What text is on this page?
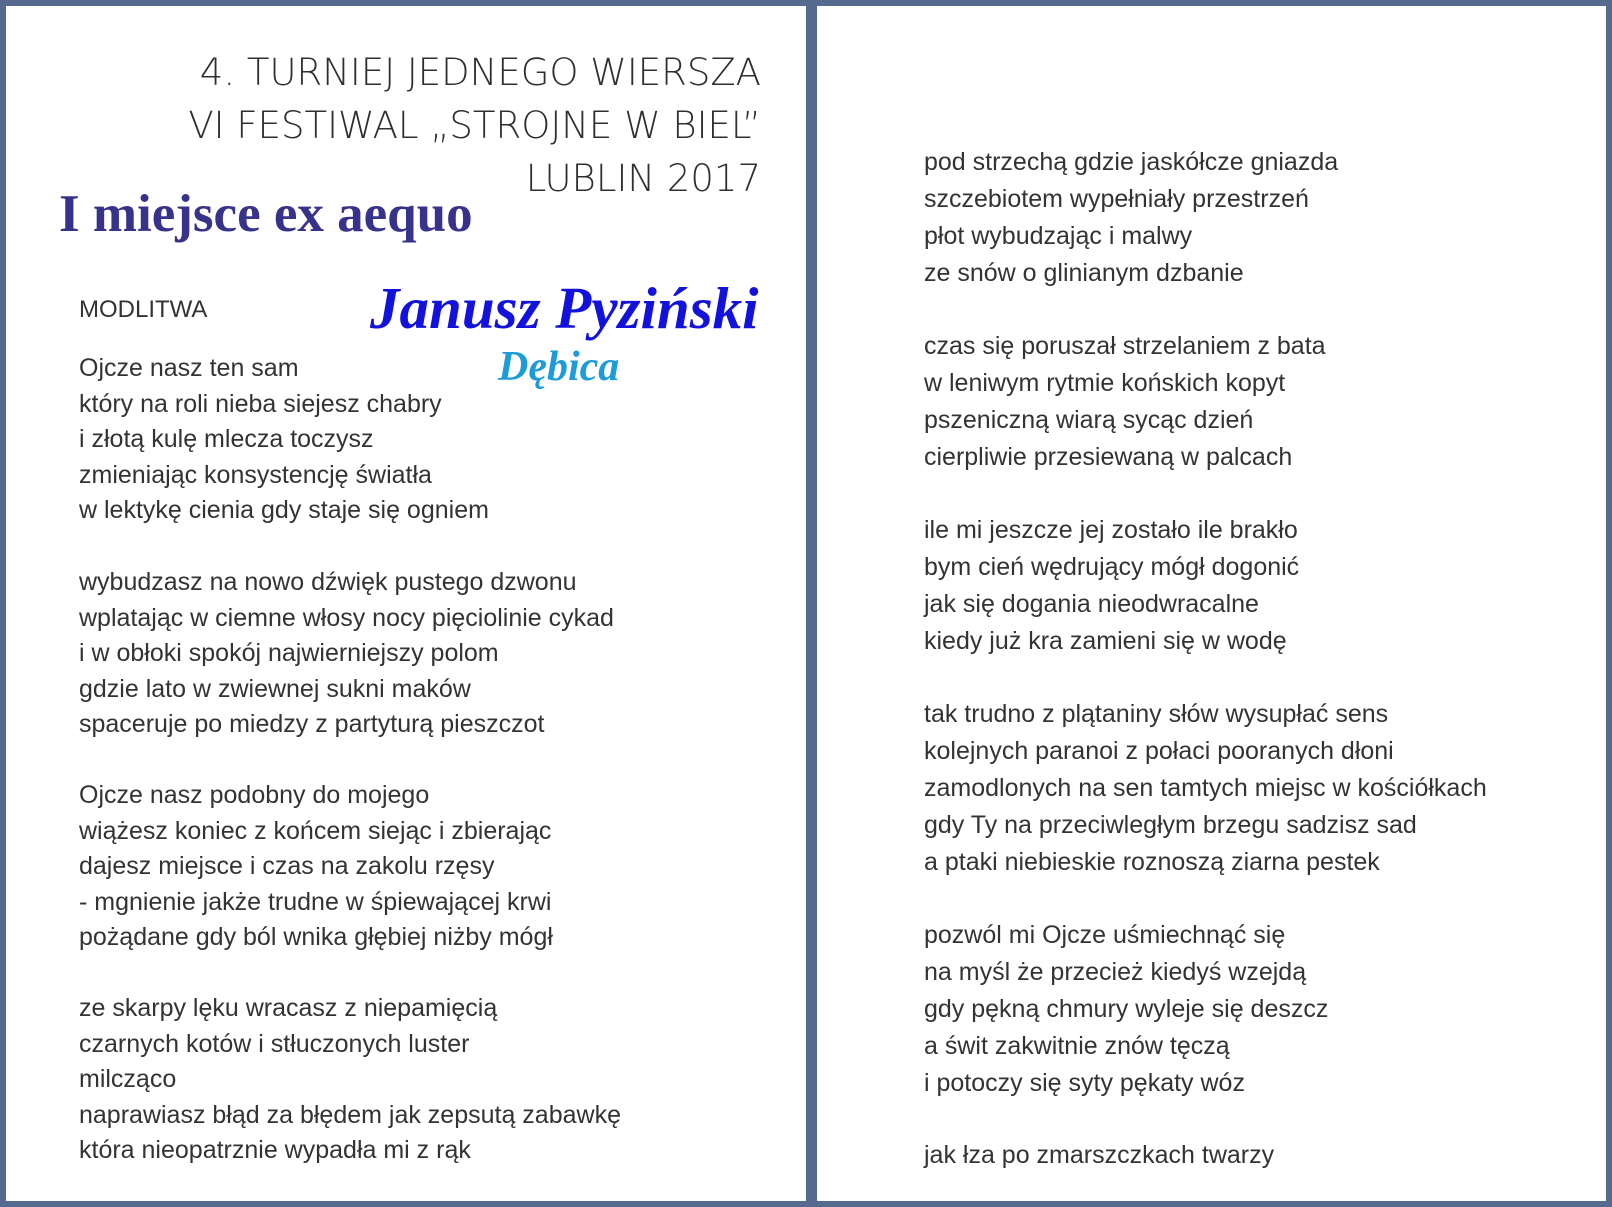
4. TURNIEJ JEDNEGO WIERSZA
VI FESTIWAL „STROJNE W BIEL”
LUBLIN 2017
I miejsce ex aequo
Janusz Pyziński
Dębica
MODLITWA
Ojcze nasz ten sam
który na roli nieba siejesz chabry
i złotą kulę mlecza toczysz
zmieniając konsystencję światła
w lektykę cienia gdy staje się ogniem
wybudzasz na nowo dźwięk pustego dzwonu
wplatając w ciemne włosy nocy pięciolinie cykad
i w obłoki spokój najwierniejszy polom
gdzie lato w zwiewnej sukni maków
spaceruje po miedzy z partyturą pieszczot
Ojcze nasz podobny do mojego
wiążesz koniec z końcem siejąc i zbierając
dajesz miejsce i czas na zakolu rzęsy
- mgnienie jakże trudne w śpiewającej krwi
pożądane gdy ból wnika głębiej niżby mógł
ze skarpy lęku wracasz z niepamięcią
czarnych kotów i stłuczonych luster
milcząco
naprawiasz błąd za błędem jak zepsutą zabawkę
która nieopatrznie wypadła mi z rąk
pod strzechą gdzie jaskółcze gniazda
szczebiotem wypełniały przestrzeń
płot wybudzając i malwy
ze snów o glinianym dzbanie
czas się poruszał strzelaniem z bata
w leniwym rytmie końskich kopyt
pszeniczną wiarą sycąc dzień
cierpliwie przesiewaną w palcach
ile mi jeszcze jej zostało ile brakło
bym cień wędrujący mógł dogonić
jak się dogania nieodwracalne
kiedy już kra zamieni się w wodę
tak trudno z plątaniny słów wysupłać sens
kolejnych paranoi z połaci pooranych dłoni
zamodlonych na sen tamtych miejsc w kościółkach
gdy Ty na przeciwległym brzegu sadzisz sad
a ptaki niebieskie roznoszą ziarna pestek
pozwól mi Ojcze uśmiechnąć się
na myśl że przecież kiedyś wzejdą
gdy pękną chmury wyleje się deszcz
a świt zakwitnie znów tęczą
i potoczy się syty pękaty wóz
jak łza po zmarszczkach twarzy
